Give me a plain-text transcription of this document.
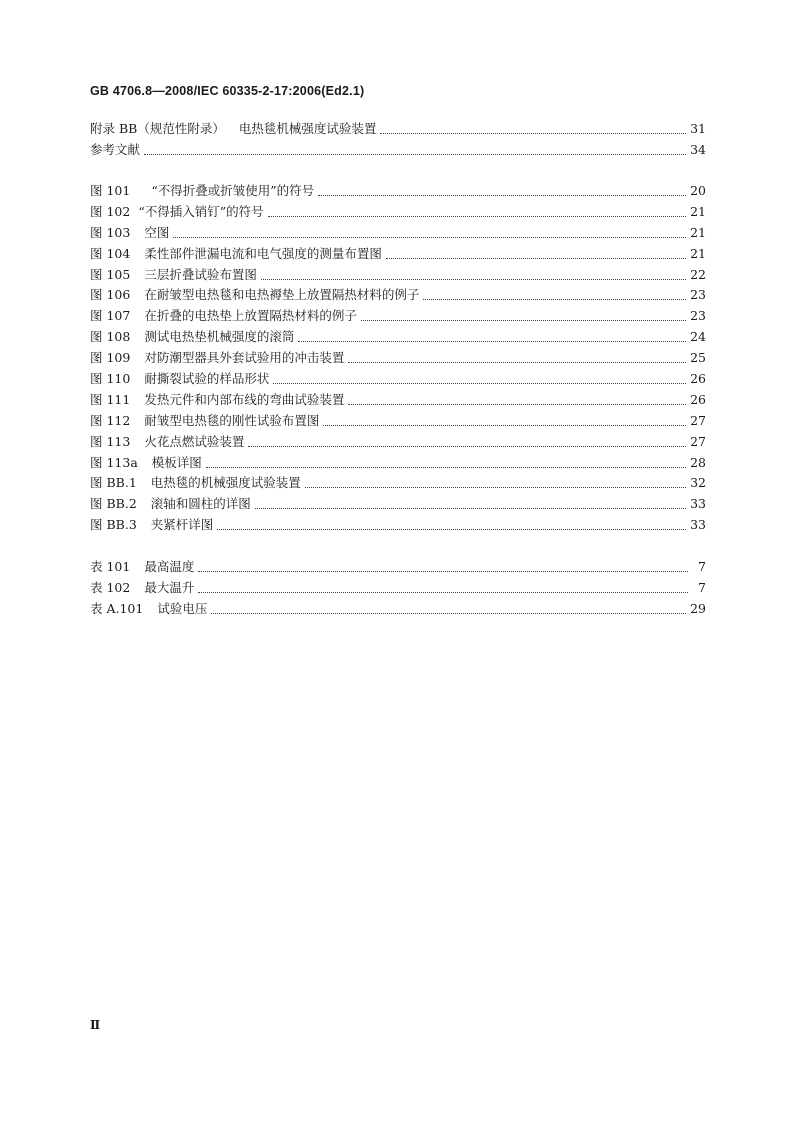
GB 4706.8—2008/IEC 60335-2-17:2006(Ed2.1)
附录 BB（规范性附录） 电热毯机械强度试验装置	31
参考文献	34
图 101 “不得折叠或折皱使用”的符号	20
图 102 “不得插入销钉”的符号	21
图 103 空图	21
图 104 柔性部件泄漏电流和电气强度的测量布置图	21
图 105 三层折叠试验布置图	22
图 106 在耐皱型电热毯和电热褥垫上放置隔热材料的例子	23
图 107 在折叠的电热垫上放置隔热材料的例子	23
图 108 测试电热垫机械强度的滚筒	24
图 109 对防潮型器具外套试验用的冲击装置	25
图 110 耐撕裂试验的样品形状	26
图 111 发热元件和内部布线的弯曲试验装置	26
图 112 耐皱型电热毯的刚性试验布置图	27
图 113 火花点燃试验装置	27
图 113a 模板详图	28
图 BB.1 电热毯的机械强度试验装置	32
图 BB.2 滚轴和圆柱的详图	33
图 BB.3 夹紧杆详图	33
表 101 最高温度	7
表 102 最大温升	7
表 A.101 试验电压	29
Ⅱ
